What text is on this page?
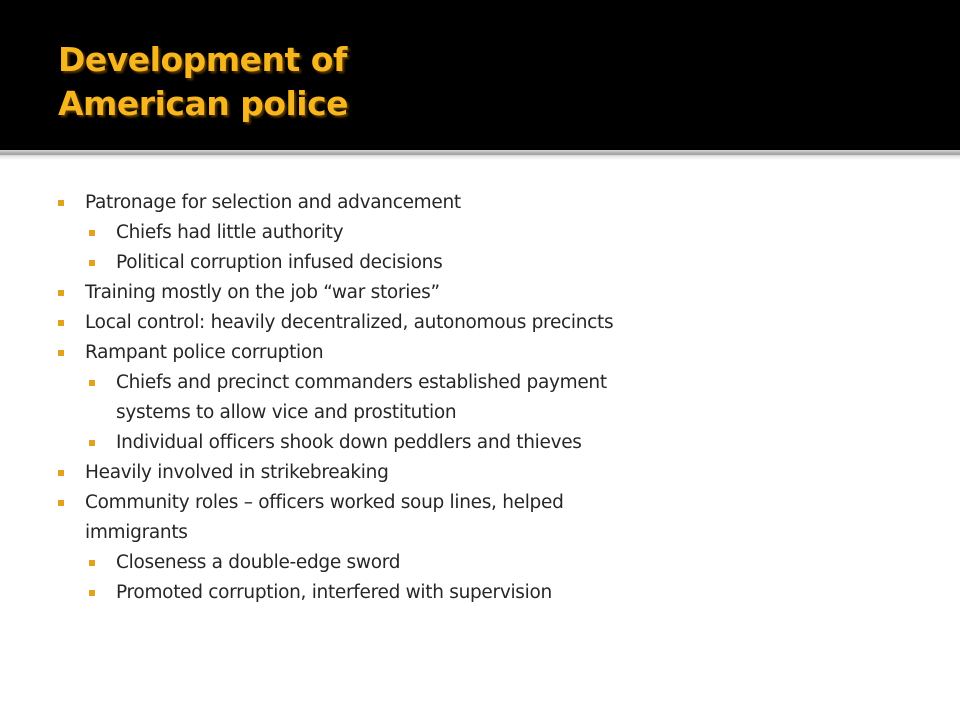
Development of
American police
Patronage for selection and advancement
Chiefs had little authority
Political corruption infused decisions
Training mostly on the job “war stories”
Local control: heavily decentralized, autonomous precincts
Rampant police corruption
Chiefs and precinct commanders established payment systems to allow vice and prostitution
Individual officers shook down peddlers and thieves
Heavily involved in strikebreaking
Community roles – officers worked soup lines, helped immigrants
Closeness a double-edge sword
Promoted corruption, interfered with supervision
